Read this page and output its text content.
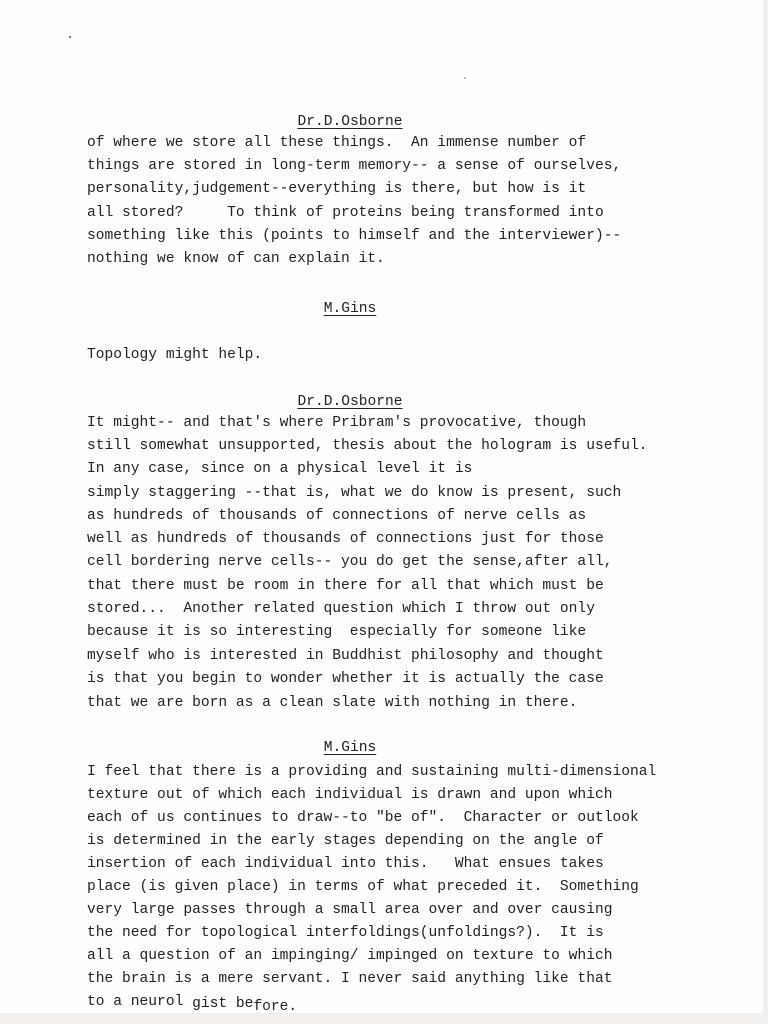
Dr.D.Osborne
of where we store all these things.  An immense number of
things are stored in long-term memory-- a sense of ourselves,
personality,judgement--everything is there, but how is it
all stored?     To think of proteins being transformed into
something like this (points to himself and the interviewer)--
nothing we know of can explain it.
M.Gins
Topology might help.
Dr.D.Osborne
It might-- and that's where Pribram's provocative, though
still somewhat unsupported, thesis about the hologram is useful.
In any case, since on a physical level it is
simply staggering --that is, what we do know is present, such
as hundreds of thousands of connections of nerve cells as
well as hundreds of thousands of connections just for those
cell bordering nerve cells-- you do get the sense,after all,
that there must be room in there for all that which must be
stored...  Another related question which I throw out only
because it is so interesting  especially for someone like
myself who is interested in Buddhist philosophy and thought
is that you begin to wonder whether it is actually the case
that we are born as a clean slate with nothing in there.
M.Gins
I feel that there is a providing and sustaining multi-dimensional
texture out of which each individual is drawn and upon which
each of us continues to draw--to "be of".  Character or outlook
is determined in the early stages depending on the angle of
insertion of each individual into this.   What ensues takes
place (is given place) in terms of what preceded it.  Something
very large passes through a small area over and over causing
the need for topological interfoldings(unfoldings?).  It is
all a question of an impinging/ impinged on texture to which
the brain is a mere servant. I never said anything like that
to a neurol gist before.
